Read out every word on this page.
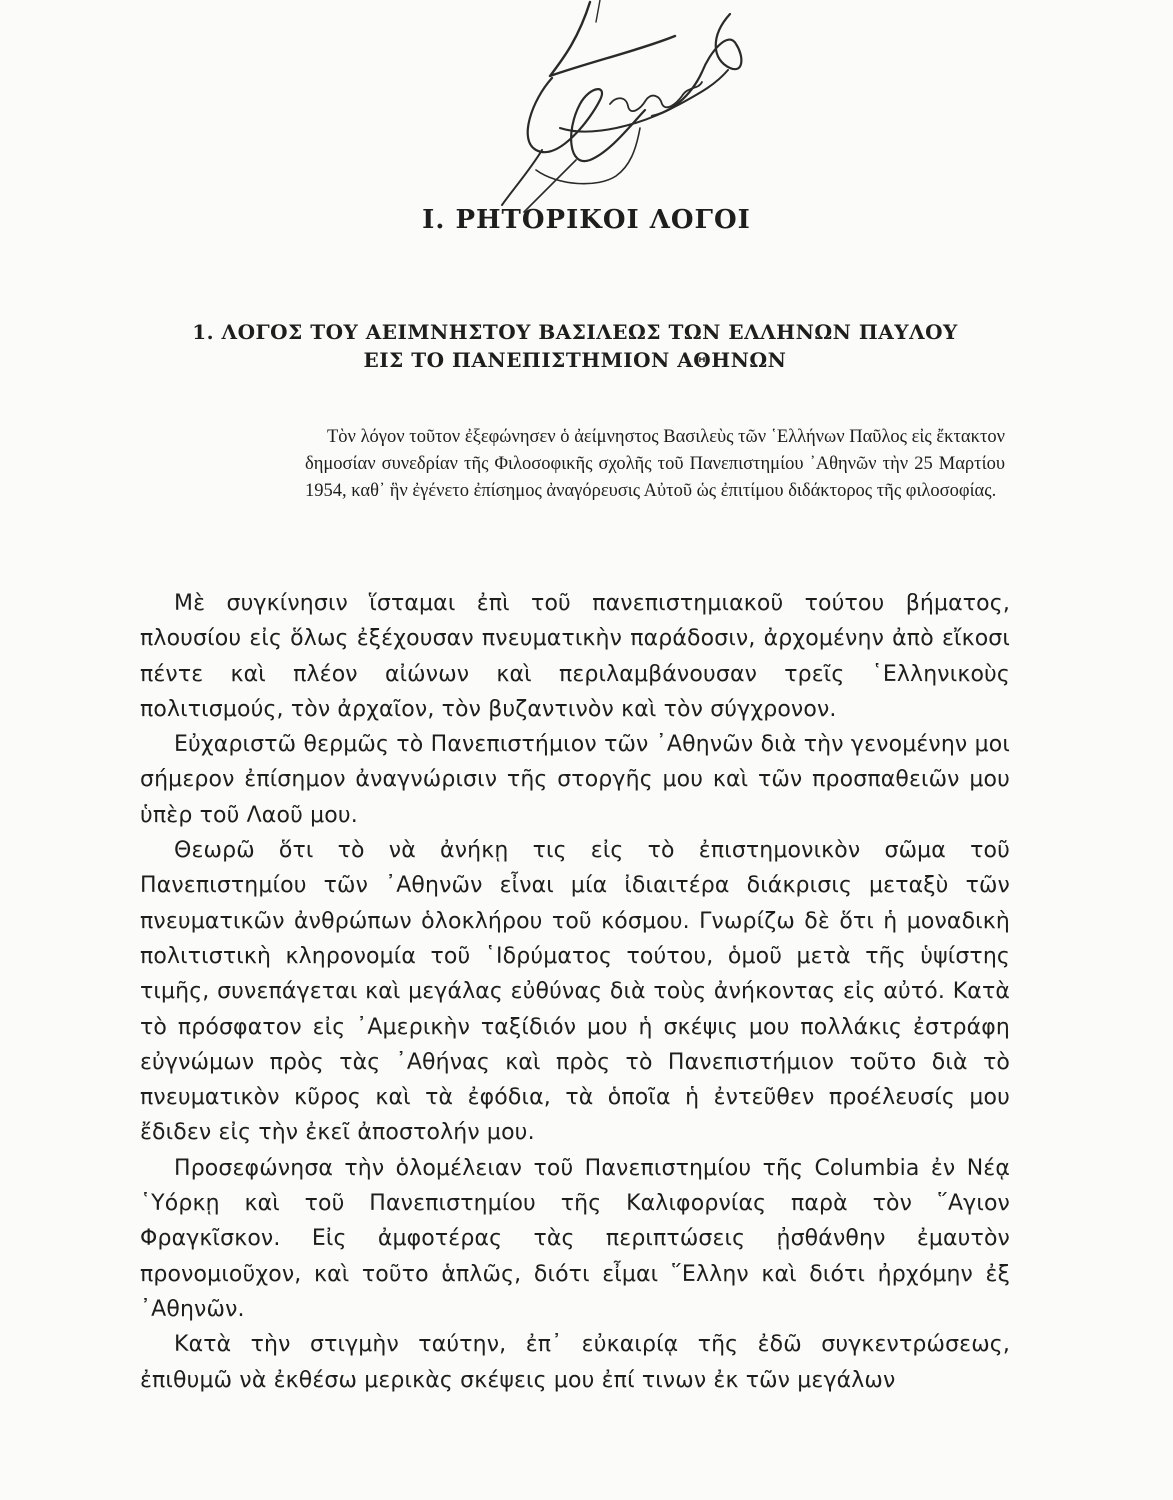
I. ΡΗΤΟΡΙΚΟΙ ΛΟΓΟΙ
1. ΛΟΓΟΣ ΤΟΥ ΑΕΙΜΝΗΣΤΟΥ ΒΑΣΙΛΕΩΣ ΤΩΝ ΕΛΛΗΝΩΝ ΠΑΥΛΟΥ
ΕΙΣ ΤΟ ΠΑΝΕΠΙΣΤΗΜΙΟΝ ΑΘΗΝΩΝ

Τὸν λόγον τοῦτον ἐξεφώνησεν ὁ ἀείμνηστος Βασιλεὺς τῶν ῾Ελλήνων Παῦλος εἰς ἔκτακτον δημοσίαν συνεδρίαν τῆς Φιλοσοφικῆς σχολῆς τοῦ Πανεπιστημίου ᾿Αθηνῶν τὴν 25 Μαρτίου 1954, καθ᾿ ἣν ἐγένετο ἐπίσημος ἀναγόρευσις Αὐτοῦ ὡς ἐπιτίμου διδάκτορος τῆς φιλοσοφίας.

Μὲ συγκίνησιν ἵσταμαι ἐπὶ τοῦ πανεπιστημιακοῦ τούτου βήματος, πλουσίου εἰς ὅλως ἐξέχουσαν πνευματικὴν παράδοσιν, ἀρχομένην ἀπὸ εἴκοσι πέντε καὶ πλέον αἰώνων καὶ περιλαμβάνουσαν τρεῖς ῾Ελληνικοὺς πολιτισμούς, τὸν ἀρχαῖον, τὸν βυζαντινὸν καὶ τὸν σύγχρονον.

Εὐχαριστῶ θερμῶς τὸ Πανεπιστήμιον τῶν ᾿Αθηνῶν διὰ τὴν γενομένην μοι σήμερον ἐπίσημον ἀναγνώρισιν τῆς στοργῆς μου καὶ τῶν προσπαθειῶν μου ὑπὲρ τοῦ Λαοῦ μου.

Θεωρῶ ὅτι τὸ νὰ ἀνήκῃ τις εἰς τὸ ἐπιστημονικὸν σῶμα τοῦ Πανεπιστημίου τῶν ᾿Αθηνῶν εἶναι μία ἰδιαιτέρα διάκρισις μεταξὺ τῶν πνευματικῶν ἀνθρώπων ὁλοκλήρου τοῦ κόσμου. Γνωρίζω δὲ ὅτι ἡ μοναδικὴ πολιτιστικὴ κληρονομία τοῦ ῾Ιδρύματος τούτου, ὁμοῦ μετὰ τῆς ὑψίστης τιμῆς, συνεπάγεται καὶ μεγάλας εὐθύνας διὰ τοὺς ἀνήκοντας εἰς αὐτό. Κατὰ τὸ πρόσφατον εἰς ᾿Αμερικὴν ταξίδιόν μου ἡ σκέψις μου πολλάκις ἐστράφη εὐγνώμων πρὸς τὰς ᾿Αθήνας καὶ πρὸς τὸ Πανεπιστήμιον τοῦτο διὰ τὸ πνευματικὸν κῦρος καὶ τὰ ἐφόδια, τὰ ὁποῖα ἡ ἐντεῦθεν προέλευσίς μου ἔδιδεν εἰς τὴν ἐκεῖ ἀποστολήν μου.

Προσεφώνησα τὴν ὁλομέλειαν τοῦ Πανεπιστημίου τῆς Columbia ἐν Νέᾳ ῾Υόρκῃ καὶ τοῦ Πανεπιστημίου τῆς Καλιφορνίας παρὰ τὸν ῞Αγιον Φραγκῖσκον. Εἰς ἀμφοτέρας τὰς περιπτώσεις ᾐσθάνθην ἐμαυτὸν προνομιοῦχον, καὶ τοῦτο ἁπλῶς, διότι εἶμαι ῞Ελλην καὶ διότι ἠρχόμην ἐξ ᾿Αθηνῶν.

Κατὰ τὴν στιγμὴν ταύτην, ἐπ᾿ εὐκαιρίᾳ τῆς ἐδῶ συγκεντρώσεως, ἐπιθυμῶ νὰ ἐκθέσω μερικὰς σκέψεις μου ἐπί τινων ἐκ τῶν μεγάλων
